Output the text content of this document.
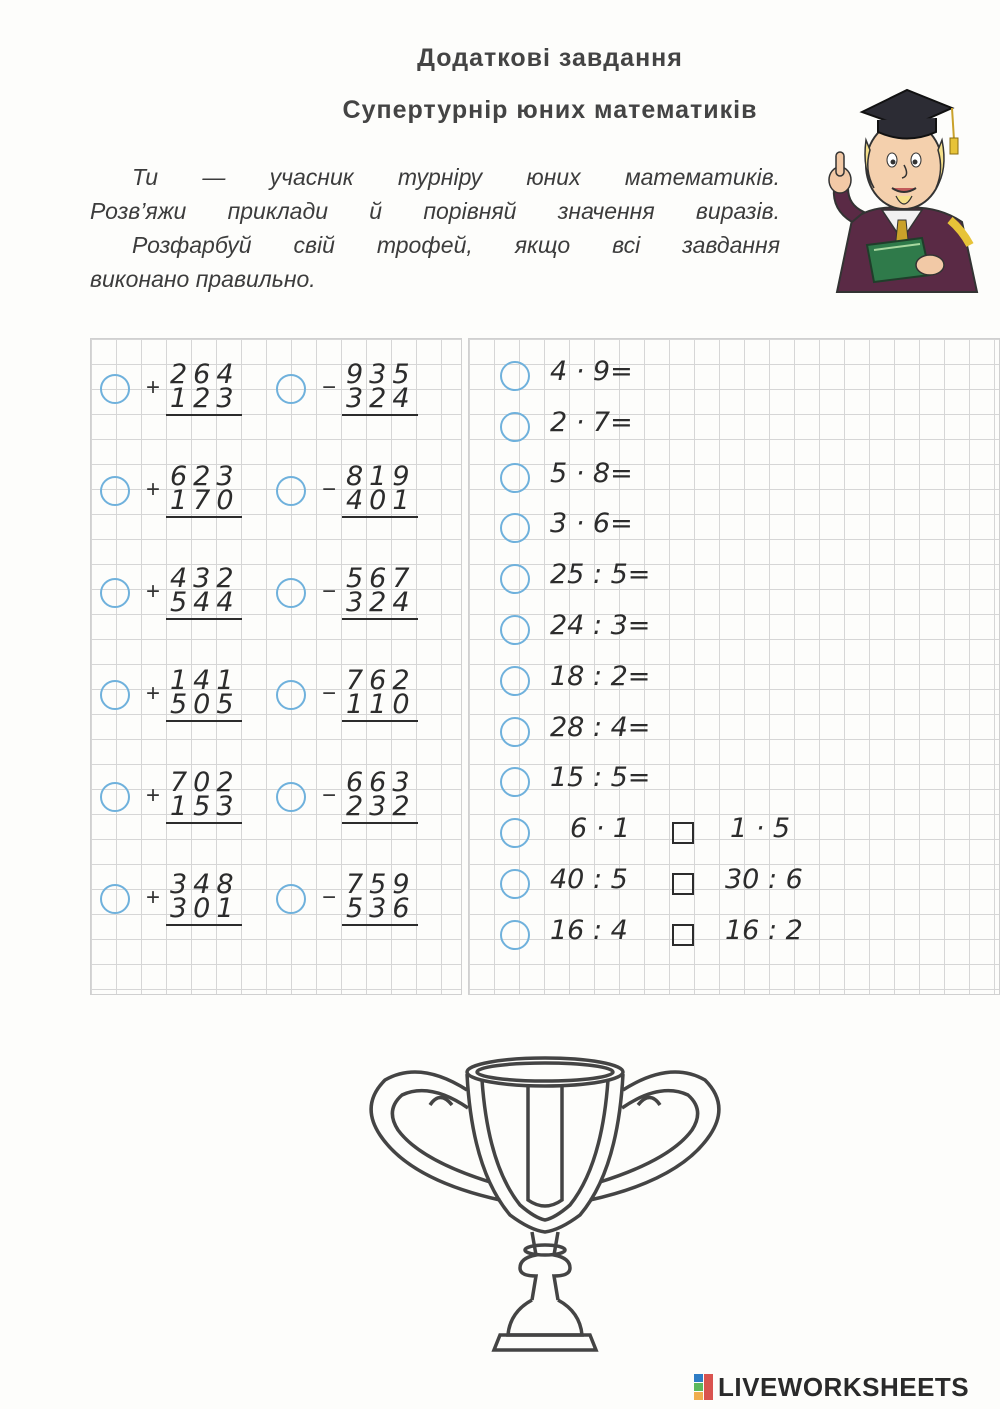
Додаткові завдання
Супертурнір юних математиків

Ти — учасник турніру юних математиків.

Розв’яжи приклади й порівняй значення виразів.

Розфарбуй свій трофей, якщо всі завдання

виконано правильно.

+ 264
123
+ 623
170
+ 432
544
+ 141
505
+ 702
153
+ 348
301
− 935
324
− 819
401
− 567
324
− 762
110
− 663
232
− 759
536
4 · 9=
2 · 7=
5 · 8=
3 · 6=
25 : 5=
24 : 3=
18 : 2=
28 : 4=
15 : 5=
6 · 1	1 · 5
40 : 5	30 : 6
16 : 4	16 : 2
LIVEWORKSHEETS
